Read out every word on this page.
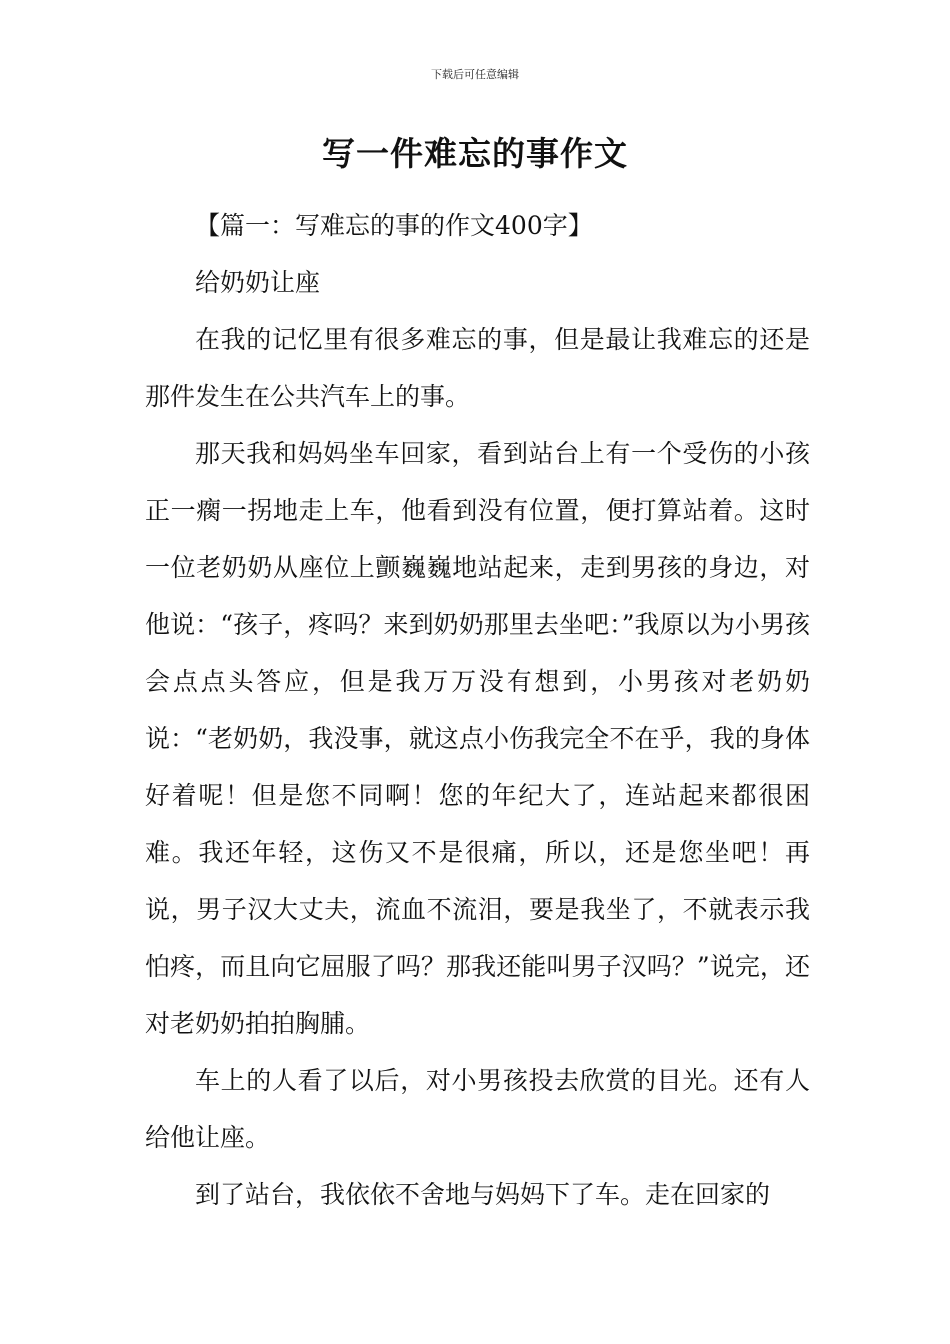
下载后可任意编辑
写一件难忘的事作文

【篇一：写难忘的事的作文400字】

给奶奶让座

在我的记忆里有很多难忘的事，但是最让我难忘的还是那件发生在公共汽车上的事。

那天我和妈妈坐车回家，看到站台上有一个受伤的小孩正一瘸一拐地走上车，他看到没有位置，便打算站着。这时一位老奶奶从座位上颤巍巍地站起来，走到男孩的身边，对他说：“孩子，疼吗？来到奶奶那里去坐吧：”我原以为小男孩会点点头答应，但是我万万没有想到，小男孩对老奶奶说：“老奶奶，我没事，就这点小伤我完全不在乎，我的身体好着呢！但是您不同啊！您的年纪大了，连站起来都很困难。我还年轻，这伤又不是很痛，所以，还是您坐吧！再说，男子汉大丈夫，流血不流泪，要是我坐了，不就表示我怕疼，而且向它屈服了吗？那我还能叫男子汉吗？”说完，还对老奶奶拍拍胸脯。

车上的人看了以后，对小男孩投去欣赏的目光。还有人给他让座。

到了站台，我依依不舍地与妈妈下了车。走在回家的
